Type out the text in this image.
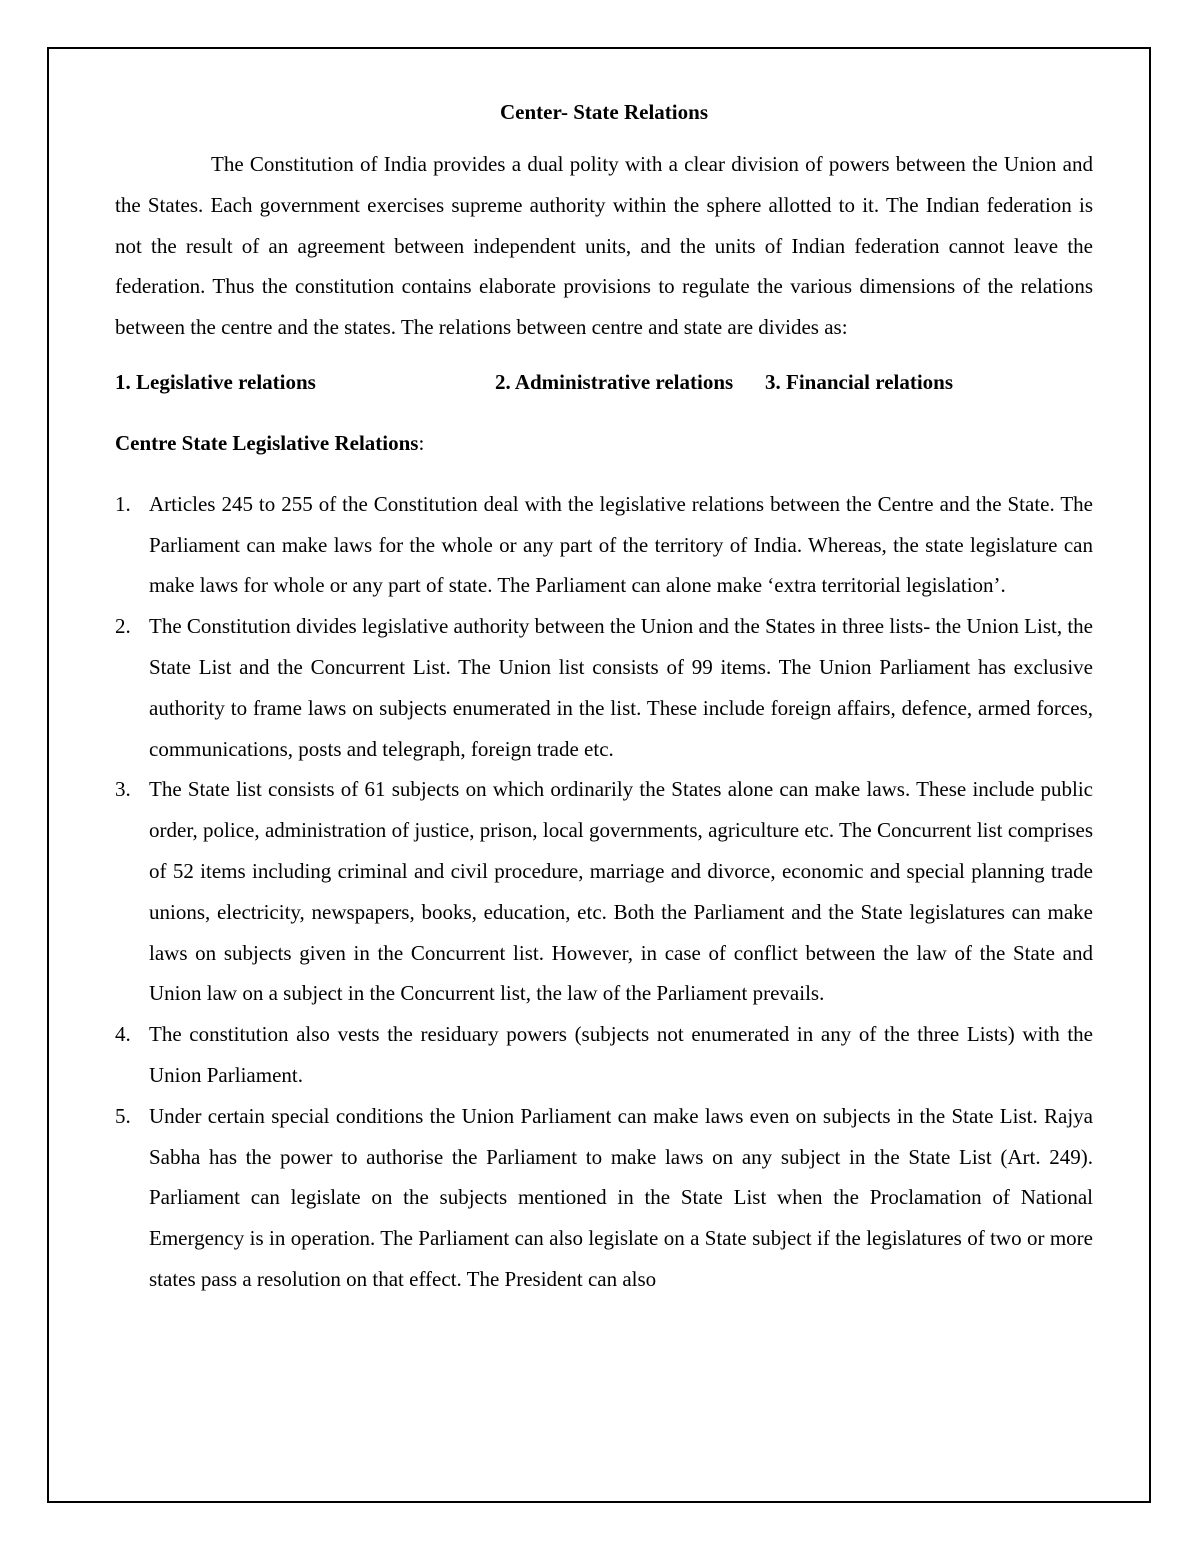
Center- State Relations

The Constitution of India provides a dual polity with a clear division of powers between the Union and the States. Each government exercises supreme authority within the sphere allotted to it. The Indian federation is not the result of an agreement between independent units, and the units of Indian federation cannot leave the federation. Thus the constitution contains elaborate provisions to regulate the various dimensions of the relations between the centre and the states. The relations between centre and state are divides as:

1. Legislative relations	2. Administrative relations 3. Financial relations

Centre State Legislative Relations:

1. Articles 245 to 255 of the Constitution deal with the legislative relations between the Centre and the State. The Parliament can make laws for the whole or any part of the territory of India. Whereas, the state legislature can make laws for whole or any part of state. The Parliament can alone make ‘extra territorial legislation’.
2. The Constitution divides legislative authority between the Union and the States in three lists- the Union List, the State List and the Concurrent List. The Union list consists of 99 items. The Union Parliament has exclusive authority to frame laws on subjects enumerated in the list. These include foreign affairs, defence, armed forces, communications, posts and telegraph, foreign trade etc.
3. The State list consists of 61 subjects on which ordinarily the States alone can make laws. These include public order, police, administration of justice, prison, local governments, agriculture etc. The Concurrent list comprises of 52 items including criminal and civil procedure, marriage and divorce, economic and special planning trade unions, electricity, newspapers, books, education, etc. Both the Parliament and the State legislatures can make laws on subjects given in the Concurrent list. However, in case of conflict between the law of the State and Union law on a subject in the Concurrent list, the law of the Parliament prevails.
4. The constitution also vests the residuary powers (subjects not enumerated in any of the three Lists) with the Union Parliament.
5. Under certain special conditions the Union Parliament can make laws even on subjects in the State List. Rajya Sabha has the power to authorise the Parliament to make laws on any subject in the State List (Art. 249). Parliament can legislate on the subjects mentioned in the State List when the Proclamation of National Emergency is in operation. The Parliament can also legislate on a State subject if the legislatures of two or more states pass a resolution on that effect. The President can also
